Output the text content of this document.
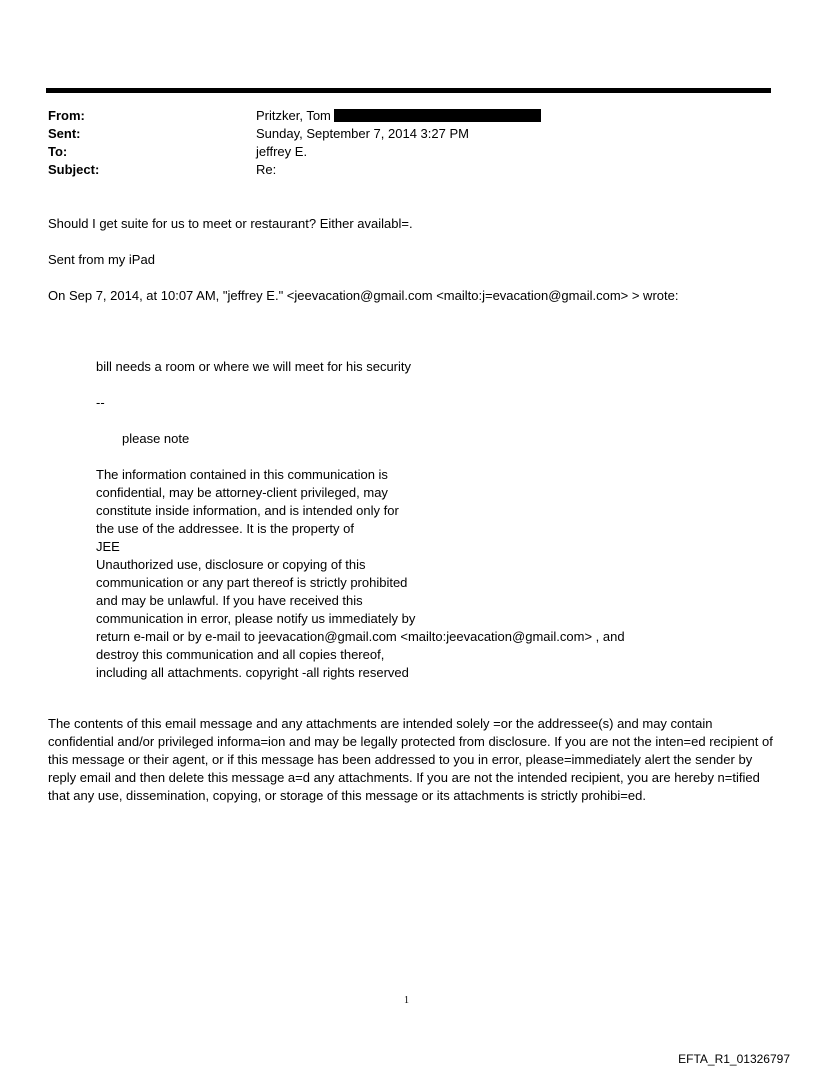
From:	Pritzker, Tom
Sent:	Sunday, September 7, 2014 3:27 PM
To:	jeffrey E.
Subject:	Re:
Should I get suite for us to meet or restaurant? Either availabl=.
Sent from my iPad
On Sep 7, 2014, at 10:07 AM, "jeffrey E." <jeevacation@gmail.com <mailto:j=evacation@gmail.com> > wrote:
bill needs a room or where we will meet for his security
--
please note
The information contained in this communication is
confidential, may be attorney-client privileged, may
constitute inside information, and is intended only for
the use of the addressee. It is the property of
JEE
Unauthorized use, disclosure or copying of this
communication or any part thereof is strictly prohibited
and may be unlawful. If you have received this
communication in error, please notify us immediately by
return e-mail or by e-mail to jeevacation@gmail.com <mailto:jeevacation@gmail.com> , and
destroy this communication and all copies thereof,
including all attachments. copyright -all rights reserved
The contents of this email message and any attachments are intended solely =or the addressee(s) and may contain confidential and/or privileged informa=ion and may be legally protected from disclosure. If you are not the inten=ed recipient of this message or their agent, or if this message has been addressed to you in error, please=immediately alert the sender by reply email and then delete this message a=d any attachments. If you are not the intended recipient, you are hereby n=tified that any use, dissemination, copying, or storage of this message or its attachments is strictly prohibi=ed.
1
EFTA_R1_01326797
